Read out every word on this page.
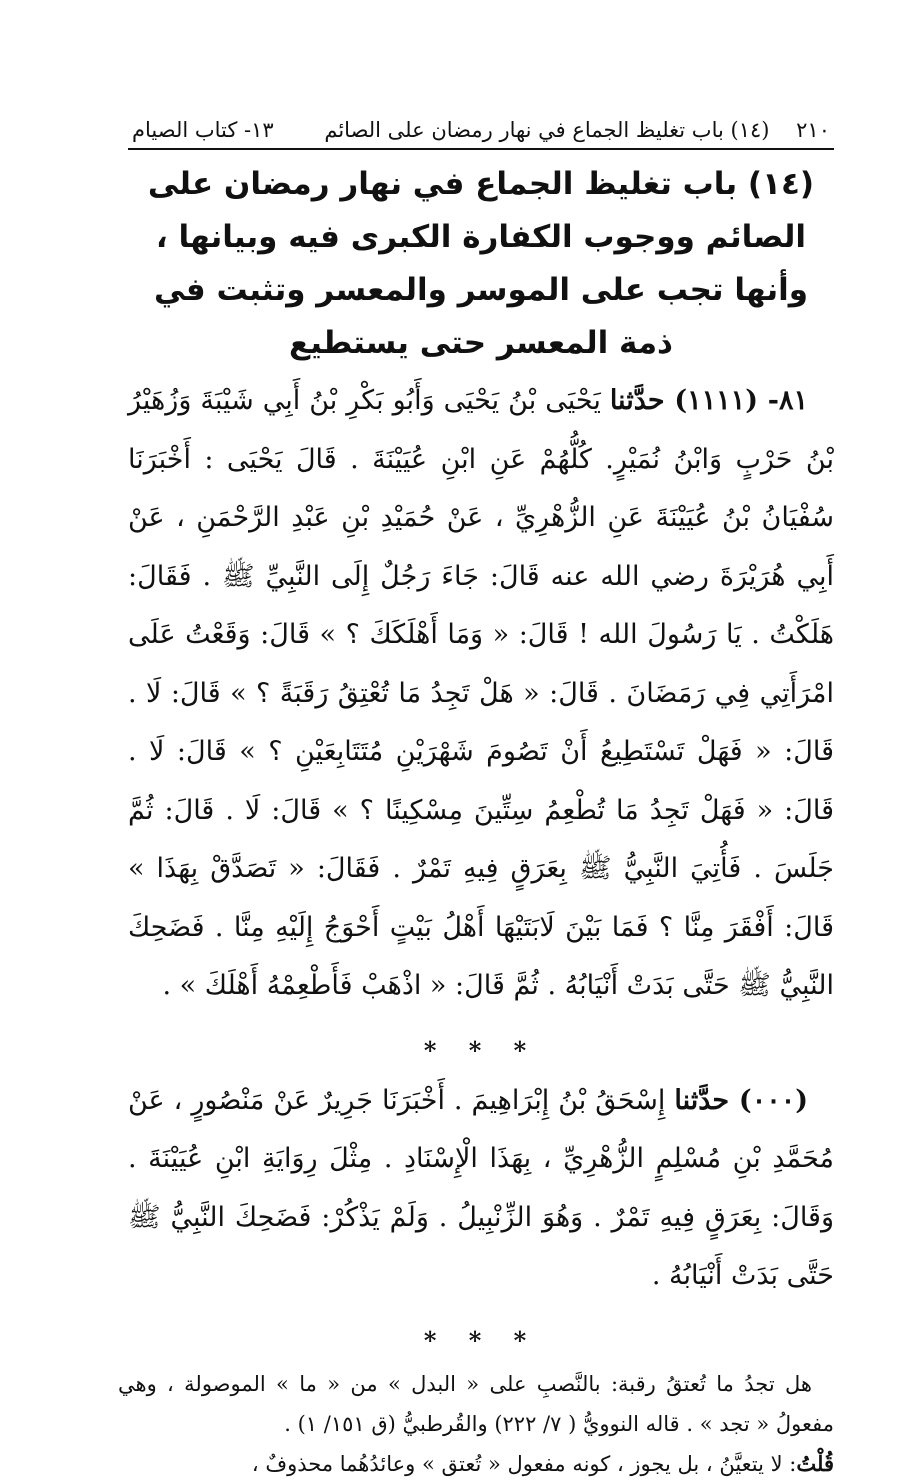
٢١٠    (١٤) باب تغليظ الجماع في نهار رمضان على الصائم
١٣- كتاب الصيام
(١٤) باب تغليظ الجماع في نهار رمضان على الصائم ووجوب الكفارة الكبرى فيه وبيانها ، وأنها تجب على الموسر والمعسر وتثبت في ذمة المعسر حتى يستطيع

٨١- (١١١١) حدَّثنا يَحْيَى بْنُ يَحْيَى وَأَبُو بَكْرِ بْنُ أَبِي شَيْبَةَ وَزُهَيْرُ بْنُ حَرْبٍ وَابْنُ نُمَيْرٍ. كُلُّهُمْ عَنِ ابْنِ عُيَيْنَةَ . قَالَ يَحْيَى : أَخْبَرَنَا سُفْيَانُ بْنُ عُيَيْنَةَ عَنِ الزُّهْرِيِّ ، عَنْ حُمَيْدِ بْنِ عَبْدِ الرَّحْمَنِ ، عَنْ أَبِي هُرَيْرَةَ رضي الله عنه قَالَ: جَاءَ رَجُلٌ إِلَى النَّبِيِّ ﷺ . فَقَالَ: هَلَكْتُ . يَا رَسُولَ الله ! قَالَ: « وَمَا أَهْلَكَكَ ؟ » قَالَ: وَقَعْتُ عَلَى امْرَأَتِي فِي رَمَضَانَ . قَالَ: « هَلْ تَجِدُ مَا تُعْتِقُ رَقَبَةً ؟ » قَالَ: لَا . قَالَ: « فَهَلْ تَسْتَطِيعُ أَنْ تَصُومَ شَهْرَيْنِ مُتَتَابِعَيْنِ ؟ » قَالَ: لَا . قَالَ: « فَهَلْ تَجِدُ مَا تُطْعِمُ سِتِّينَ مِسْكِينًا ؟ » قَالَ: لَا . قَالَ: ثُمَّ جَلَسَ . فَأُتِيَ النَّبِيُّ ﷺ بِعَرَقٍ فِيهِ تَمْرٌ . فَقَالَ: « تَصَدَّقْ بِهَذَا » قَالَ: أَفْقَرَ مِنَّا ؟ فَمَا بَيْنَ لَابَتَيْهَا أَهْلُ بَيْتٍ أَحْوَجُ إِلَيْهِ مِنَّا . فَضَحِكَ النَّبِيُّ ﷺ حَتَّى بَدَتْ أَنْيَابُهُ . ثُمَّ قَالَ: « اذْهَبْ فَأَطْعِمْهُ أَهْلَكَ » .

* * *

(٠٠٠) حدَّثنا إِسْحَقُ بْنُ إِبْرَاهِيمَ . أَخْبَرَنَا جَرِيرٌ عَنْ مَنْصُورٍ ، عَنْ مُحَمَّدِ بْنِ مُسْلِمٍ الزُّهْرِيِّ ، بِهَذَا الْإِسْنَادِ . مِثْلَ رِوَايَةِ ابْنِ عُيَيْنَةَ . وَقَالَ: بِعَرَقٍ فِيهِ تَمْرٌ . وَهُوَ الزِّنْبِيلُ . وَلَمْ يَذْكُرْ: فَضَحِكَ النَّبِيُّ ﷺ حَتَّى بَدَتْ أَنْيَابُهُ .

* * *

هل تجدُ ما تُعتقُ رقبة: بالنَّصبِ على « البدل » من « ما » الموصولة ، وهي مفعولُ « تجد » . قاله النوويُّ ( ٧/ ٢٢٢) والقُرطبيُّ (ق ١٥١/ ١) .

قُلْتُ: لا يتعيَّنُ ، بل يجوز ، كونه مفعول « تُعتق » وعائدُهُما محذوفٌ ،
